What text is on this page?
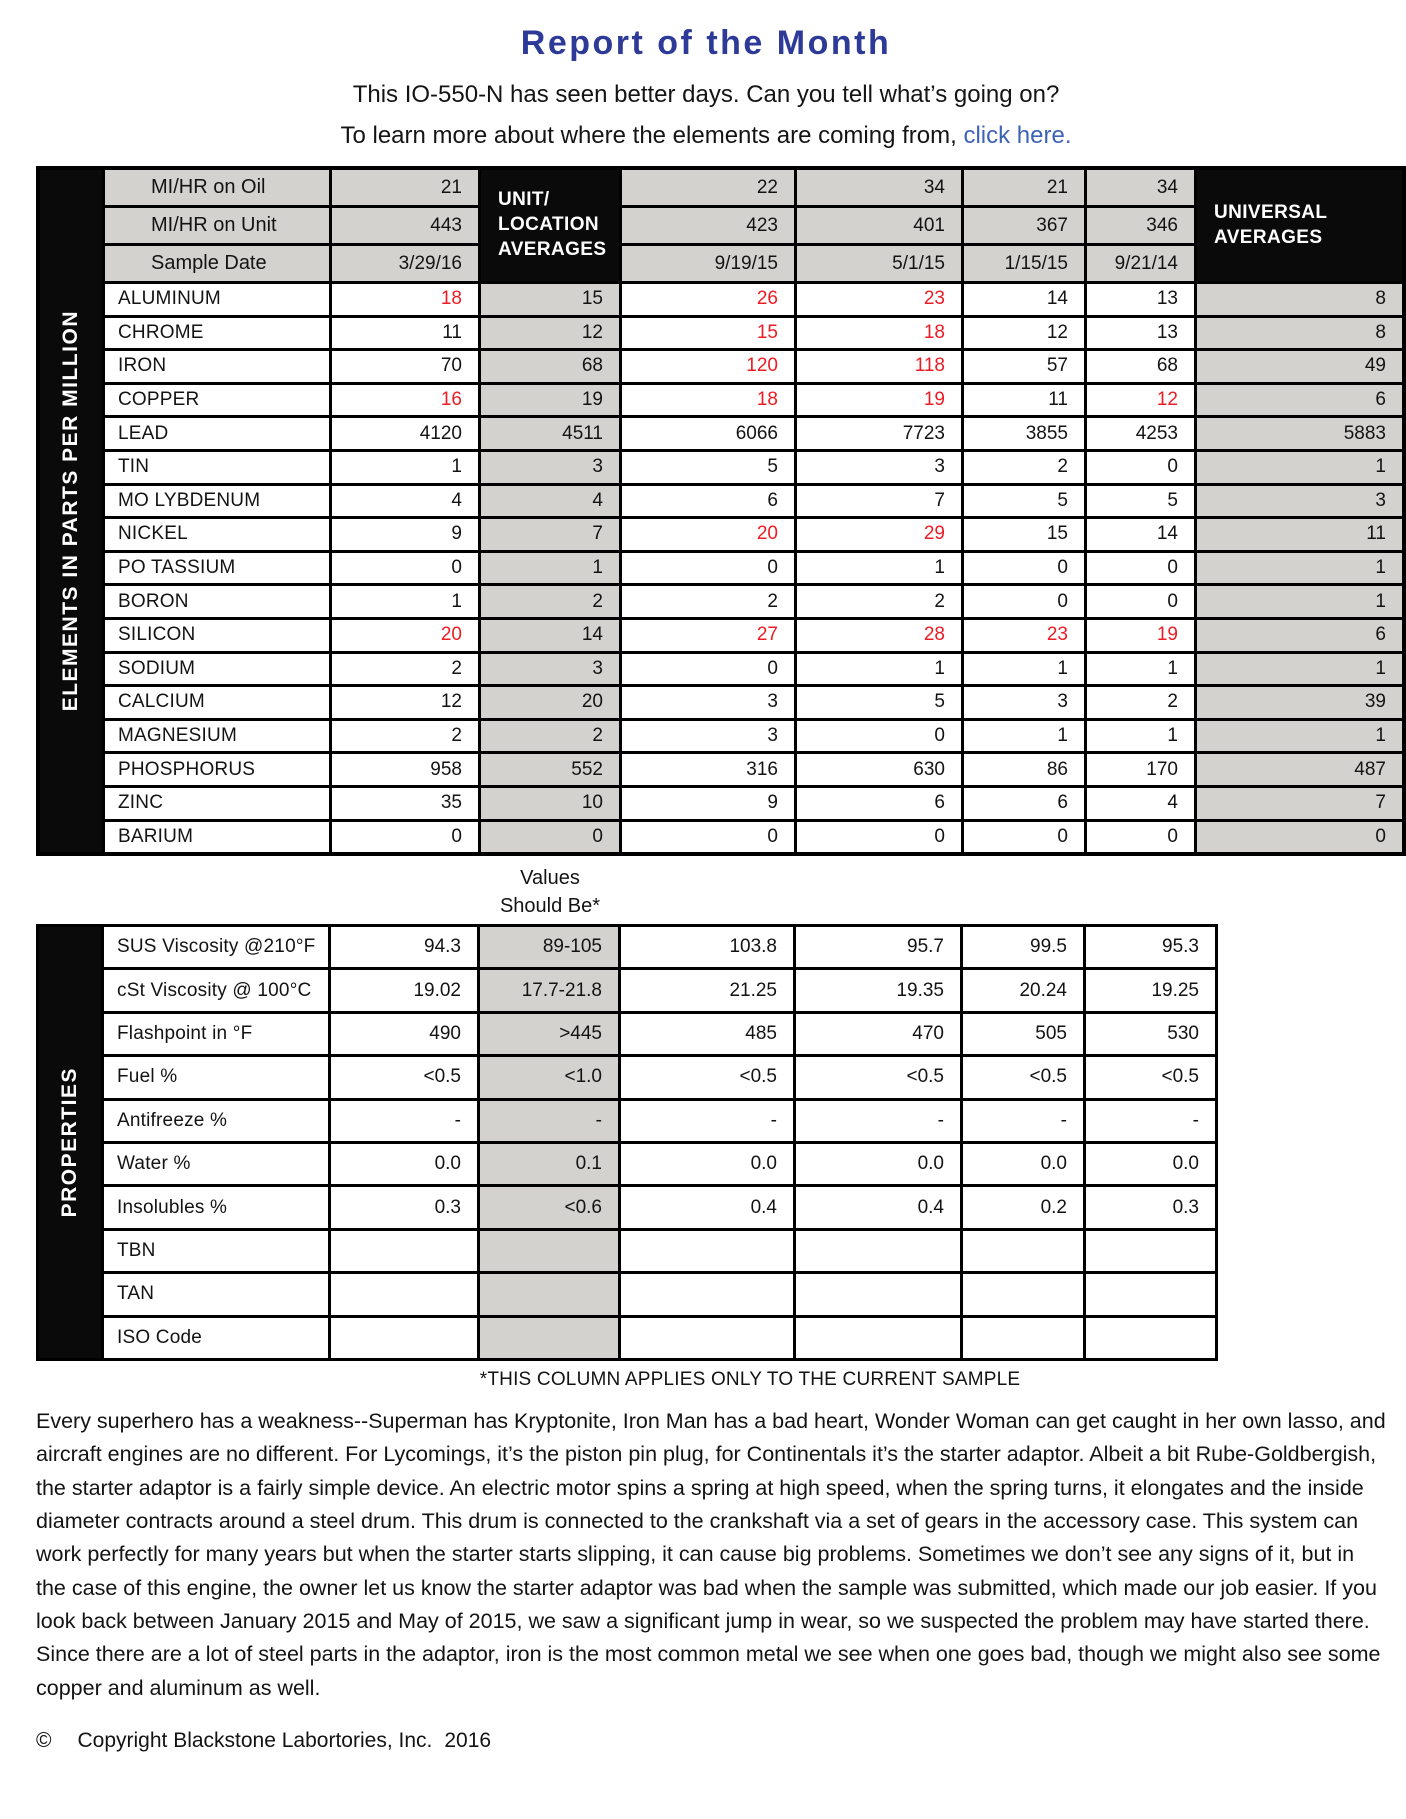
Report of the Month

This IO-550-N has seen better days. Can you tell what’s going on?

To learn more about where the elements are coming from, click here.

ELEMENTS IN PARTS PER MILLION
MI/HR on Oil	21	22	34	21	34
MI/HR on Unit	443	423	401	367	346
Sample Date	3/29/16	9/19/15	5/1/15	1/15/15	9/21/14
UNIT/ LOCATION AVERAGES
UNIVERSAL AVERAGES
ALUMINUM	18	15	26	23	14	13	8
CHROME	11	12	15	18	12	13	8
IRON	70	68	120	118	57	68	49
COPPER	16	19	18	19	11	12	6
LEAD	4120	4511	6066	7723	3855	4253	5883
TIN	1	3	5	3	2	0	1
MO LYBDENUM	4	4	6	7	5	5	3
NICKEL	9	7	20	29	15	14	11
PO TASSIUM	0	1	0	1	0	0	1
BORON	1	2	2	2	0	0	1
SILICON	20	14	27	28	23	19	6
SODIUM	2	3	0	1	1	1	1
CALCIUM	12	20	3	5	3	2	39
MAGNESIUM	2	2	3	0	1	1	1
PHOSPHORUS	958	552	316	630	86	170	487
ZINC	35	10	9	6	6	4	7
BARIUM	0	0	0	0	0	0	0
Values
Should Be*
PROPERTIES
SUS Viscosity @210°F	94.3	89-105	103.8	95.7	99.5	95.3
cSt Viscosity @ 100°C	19.02	17.7-21.8	21.25	19.35	20.24	19.25
Flashpoint in °F	490	>445	485	470	505	530
Fuel %	<0.5	<1.0	<0.5	<0.5	<0.5	<0.5
Antifreeze %	-	-	-	-	-	-
Water %	0.0	0.1	0.0	0.0	0.0	0.0
Insolubles %	0.3	<0.6	0.4	0.4	0.2	0.3
TBN
TAN
ISO Code
*THIS COLUMN APPLIES ONLY TO THE CURRENT SAMPLE

Every superhero has a weakness--Superman has Kryptonite, Iron Man has a bad heart, Wonder Woman can get caught in her own lasso, and aircraft engines are no different. For Lycomings, it’s the piston pin plug, for Continentals it’s the starter adaptor. Albeit a bit Rube-Goldbergish, the starter adaptor is a fairly simple device. An electric motor spins a spring at high speed, when the spring turns, it elongates and the inside diameter contracts around a steel drum. This drum is connected to the crankshaft via a set of gears in the accessory case. This system can work perfectly for many years but when the starter starts slipping, it can cause big problems. Sometimes we don’t see any signs of it, but in the case of this engine, the owner let us know the starter adaptor was bad when the sample was submitted, which made our job easier. If you look back between January 2015 and May of 2015, we saw a significant jump in wear, so we suspected the problem may have started there. Since there are a lot of steel parts in the adaptor, iron is the most common metal we see when one goes bad, though we might also see some copper and aluminum as well.

© Copyright Blackstone Labortories, Inc. 2016
